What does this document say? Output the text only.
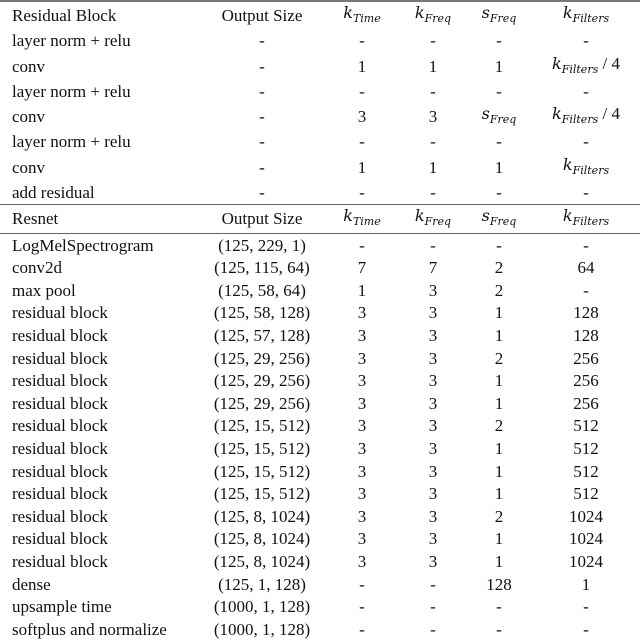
Residual Block	Output Size	$k_{Time}$	$k_{Freq}$	$s_{Freq}$	$k_{Filters}$
layer norm + relu	-	-	-	-	-
conv	-	1	1	1	$k_{Filters} / 4$
layer norm + relu	-	-	-	-	-
conv	-	3	3	$s_{Freq}$	$k_{Filters} / 4$
layer norm + relu	-	-	-	-	-
conv	-	1	1	1	$k_{Filters}$
add residual	-	-	-	-	-
Resnet	Output Size	$k_{Time}$	$k_{Freq}$	$s_{Freq}$	$k_{Filters}$
LogMelSpectrogram	(125, 229, 1)	-	-	-	-
conv2d	(125, 115, 64)	7	7	2	64
max pool	(125, 58, 64)	1	3	2	-
residual block	(125, 58, 128)	3	3	1	128
residual block	(125, 57, 128)	3	3	1	128
residual block	(125, 29, 256)	3	3	2	256
residual block	(125, 29, 256)	3	3	1	256
residual block	(125, 29, 256)	3	3	1	256
residual block	(125, 15, 512)	3	3	2	512
residual block	(125, 15, 512)	3	3	1	512
residual block	(125, 15, 512)	3	3	1	512
residual block	(125, 15, 512)	3	3	1	512
residual block	(125, 8, 1024)	3	3	2	1024
residual block	(125, 8, 1024)	3	3	1	1024
residual block	(125, 8, 1024)	3	3	1	1024
dense	(125, 1, 128)	-	-	128	1
upsample time	(1000, 1, 128)	-	-	-	-
softplus and normalize	(1000, 1, 128)	-	-	-	-
